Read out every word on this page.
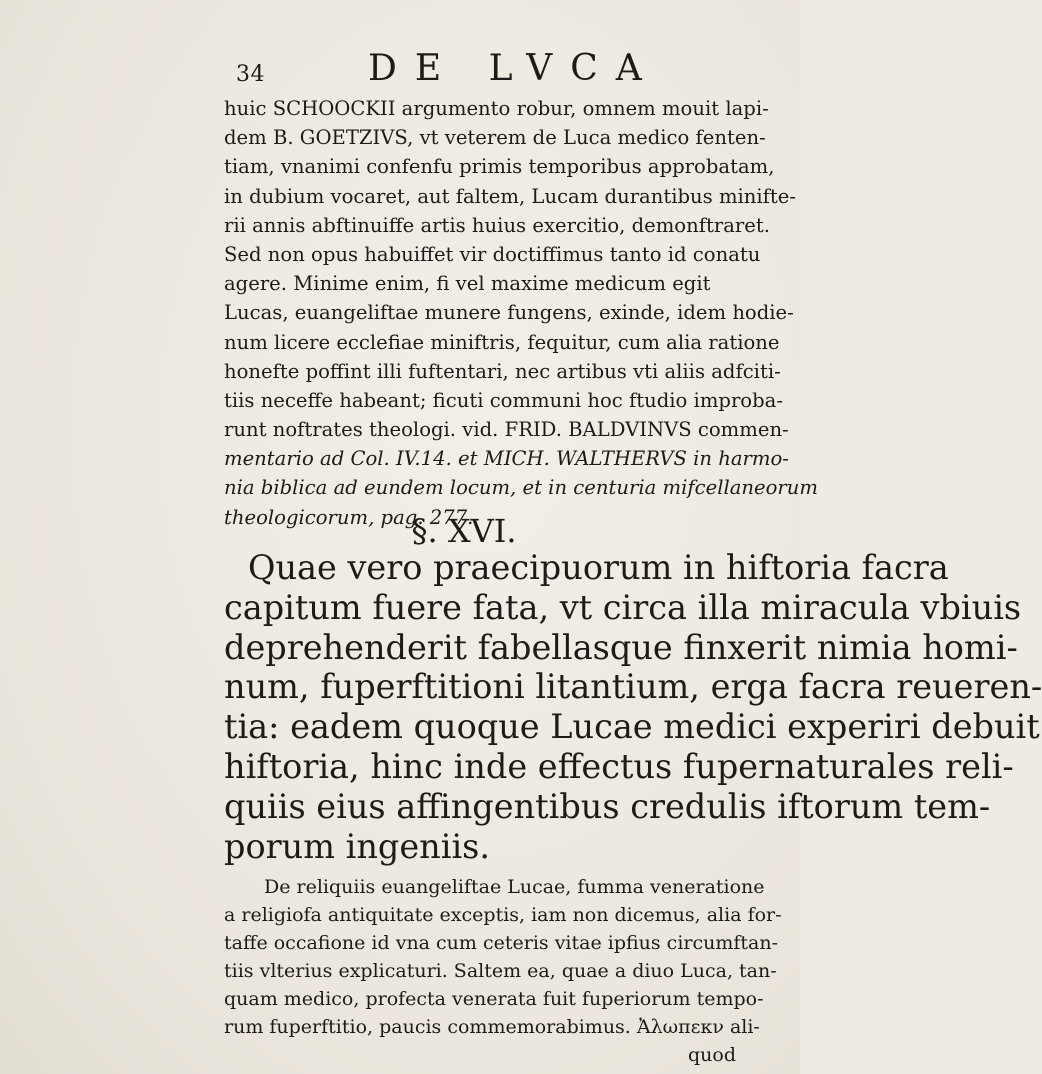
34	DE LVCA
huic SCHOOCKII argumento robur, omnem mouit lapi-
dem B. GOETZIVS, vt veterem de Luca medico fenten-
tiam, vnanimi confenfu primis temporibus approbatam,
in dubium vocaret, aut faltem, Lucam durantibus minifte-
rii annis abftinuiffe artis huius exercitio, demonftraret.
Sed non opus habuiffet vir doctiffimus tanto id conatu
agere. Minime enim, fi vel maxime medicum egit
Lucas, euangeliftae munere fungens, exinde, idem hodie-
num licere ecclefiae miniftris, fequitur, cum alia ratione
honefte poffint illi fuftentari, nec artibus vti aliis adfciti-
tiis neceffe habeant; ficuti communi hoc ftudio improba-
runt noftrates theologi. vid. FRID. BALDVINVS commen-
mentario ad Col. IV.14. et MICH. WALTHERVS in harmo-
nia biblica ad eundem locum, et in centuria mifcellaneorum
theologicorum, pag. 277.
§. XVI.
Quae vero praecipuorum in hiftoria facra
capitum fuere fata, vt circa illa miracula vbiuis
deprehenderit fabellasque finxerit nimia homi-
num, fuperftitioni litantium, erga facra reueren-
tia: eadem quoque Lucae medici experiri debuit
hiftoria, hinc inde effectus fupernaturales reli-
quiis eius affingentibus credulis iftorum tem-
porum ingeniis.
De reliquiis euangeliftae Lucae, fumma veneratione
a religiofa antiquitate exceptis, iam non dicemus, alia for-
taffe occafione id vna cum ceteris vitae ipfius circumftan-
tiis vlterius explicaturi. Saltem ea, quae a diuo Luca, tan-
quam medico, profecta venerata fuit fuperiorum tempo-
rum fuperftitio, paucis commemorabimus. Ἀλωπεκν ali-
quod
